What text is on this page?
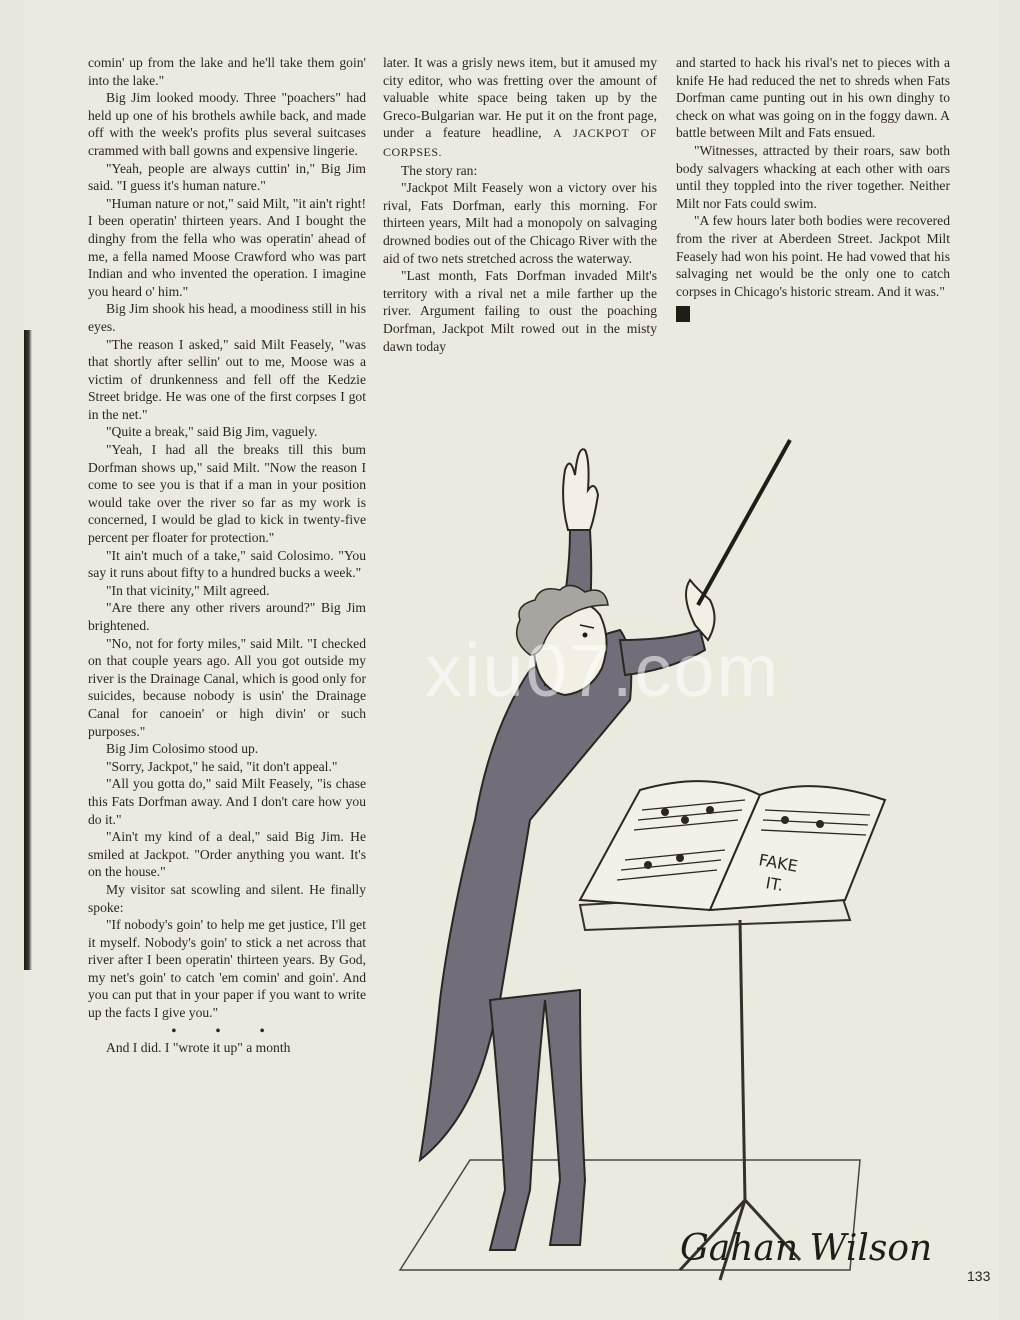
comin' up from the lake and he'll take them goin' into the lake."

Big Jim looked moody. Three "poachers" had held up one of his brothels awhile back, and made off with the week's profits plus several suitcases crammed with ball gowns and expensive lingerie.

"Yeah, people are always cuttin' in," Big Jim said. "I guess it's human nature."

"Human nature or not," said Milt, "it ain't right! I been operatin' thirteen years. And I bought the dinghy from the fella who was operatin' ahead of me, a fella named Moose Crawford who was part Indian and who invented the operation. I imagine you heard o' him."

Big Jim shook his head, a moodiness still in his eyes.

"The reason I asked," said Milt Feasely, "was that shortly after sellin' out to me, Moose was a victim of drunkenness and fell off the Kedzie Street bridge. He was one of the first corpses I got in the net."

"Quite a break," said Big Jim, vaguely.

"Yeah, I had all the breaks till this bum Dorfman shows up," said Milt. "Now the reason I come to see you is that if a man in your position would take over the river so far as my work is concerned, I would be glad to kick in twenty-five percent per floater for protection."

"It ain't much of a take," said Colosimo. "You say it runs about fifty to a hundred bucks a week."

"In that vicinity," Milt agreed.

"Are there any other rivers around?" Big Jim brightened.

"No, not for forty miles," said Milt. "I checked on that couple years ago. All you got outside my river is the Drainage Canal, which is good only for suicides, because nobody is usin' the Drainage Canal for canoein' or high divin' or such purposes."

Big Jim Colosimo stood up.

"Sorry, Jackpot," he said, "it don't appeal."

"All you gotta do," said Milt Feasely, "is chase this Fats Dorfman away. And I don't care how you do it."

"Ain't my kind of a deal," said Big Jim. He smiled at Jackpot. "Order anything you want. It's on the house."

My visitor sat scowling and silent. He finally spoke:

"If nobody's goin' to help me get justice, I'll get it myself. Nobody's goin' to stick a net across that river after I been operatin' thirteen years. By God, my net's goin' to catch 'em comin' and goin'. And you can put that in your paper if you want to write up the facts I give you."

• • •

And I did. I "wrote it up" a month

later. It was a grisly news item, but it amused my city editor, who was fretting over the amount of valuable white space being taken up by the Greco-Bulgarian war. He put it on the front page, under a feature headline, A JACKPOT OF CORPSES.

The story ran:

"Jackpot Milt Feasely won a victory over his rival, Fats Dorfman, early this morning. For thirteen years, Milt had a monopoly on salvaging drowned bodies out of the Chicago River with the aid of two nets stretched across the waterway.

"Last month, Fats Dorfman invaded Milt's territory with a rival net a mile farther up the river. Argument failing to oust the poaching Dorfman, Jackpot Milt rowed out in the misty dawn today

and started to hack his rival's net to pieces with a knife He had reduced the net to shreds when Fats Dorfman came punting out in his own dinghy to check on what was going on in the foggy dawn. A battle between Milt and Fats ensued.

"Witnesses, attracted by their roars, saw both body salvagers whacking at each other with oars until they toppled into the river together. Neither Milt nor Fats could swim.

"A few hours later both bodies were recovered from the river at Aberdeen Street. Jackpot Milt Feasely had won his point. He had vowed that his salvaging net would be the only one to catch corpses in Chicago's historic stream. And it was."

FAKE
IT.
Gahan Wilson
xiu07.com
133
